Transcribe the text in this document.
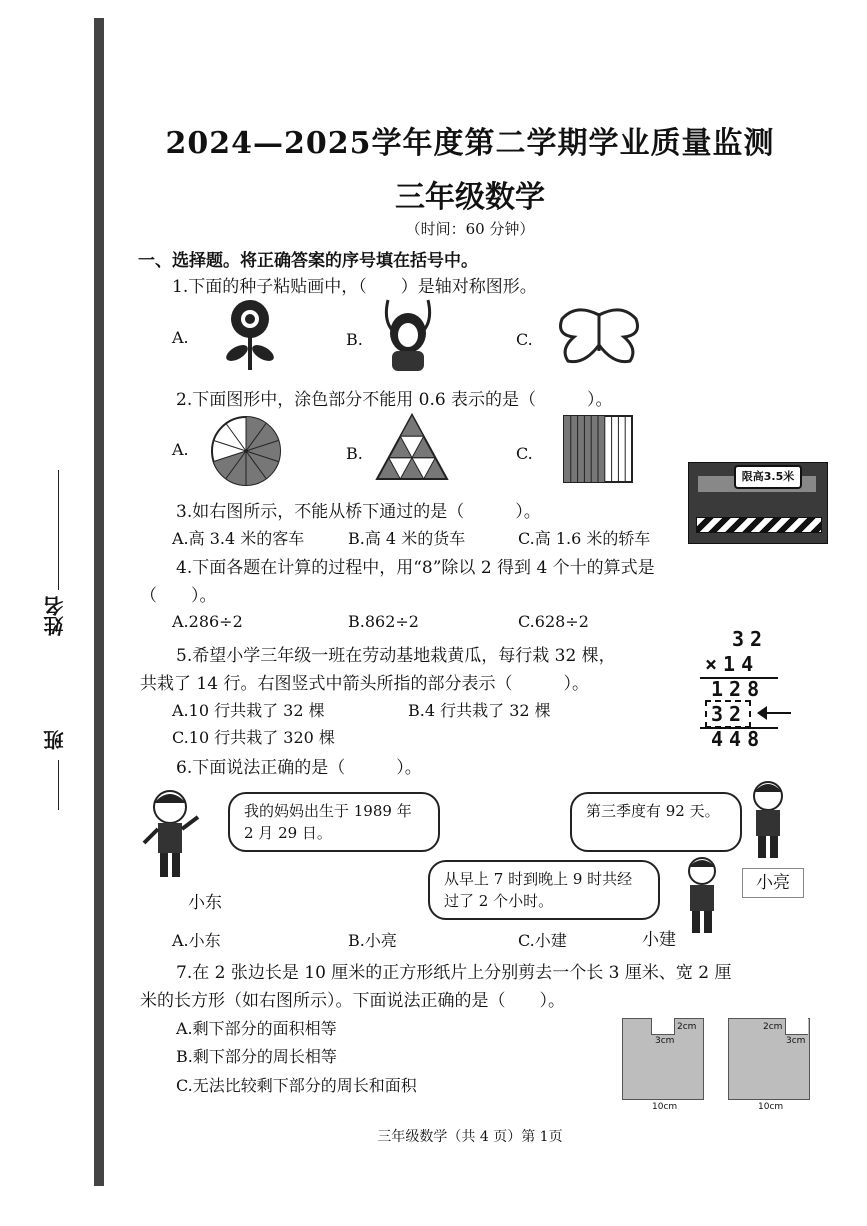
姓名
班
2024—2025学年度第二学期学业质量监测
三年级数学
（时间：60 分钟）
一、选择题。将正确答案的序号填在括号中。
1.下面的种子粘贴画中，（　　）是轴对称图形。
A.	B.	C.
2.下面图形中，涂色部分不能用 0.6 表示的是（　　　）。
A.	B.	C.
3.如右图所示，不能从桥下通过的是（　　　）。
A.高 3.4 米的客车	B.高 4 米的货车	C.高 1.6 米的轿车
限高3.5米
4.下面各题在计算的过程中，用“8”除以 2 得到 4 个十的算式是
（　　）。
A.286÷2	B.862÷2	C.628÷2
5.希望小学三年级一班在劳动基地栽黄瓜，每行栽 32 棵，
共栽了 14 行。右图竖式中箭头所指的部分表示（　　　）。
A.10 行共栽了 32 棵	B.4 行共栽了 32 棵
C.10 行共栽了 320 棵
32
×14
128
32
448
6.下面说法正确的是（　　　）。
我的妈妈出生于 1989 年 2 月 29 日。
小东
第三季度有 92 天。
小亮
从早上 7 时到晚上 9 时共经过了 2 个小时。
A.小东	B.小亮	C.小建	小建
7.在 2 张边长是 10 厘米的正方形纸片上分别剪去一个长 3 厘米、宽 2 厘
米的长方形（如右图所示）。下面说法正确的是（　　）。
A.剩下部分的面积相等
B.剩下部分的周长相等
C.无法比较剩下部分的周长和面积
2cm
3cm
10cm
2cm
3cm
10cm
三年级数学（共 4 页）第 1页
